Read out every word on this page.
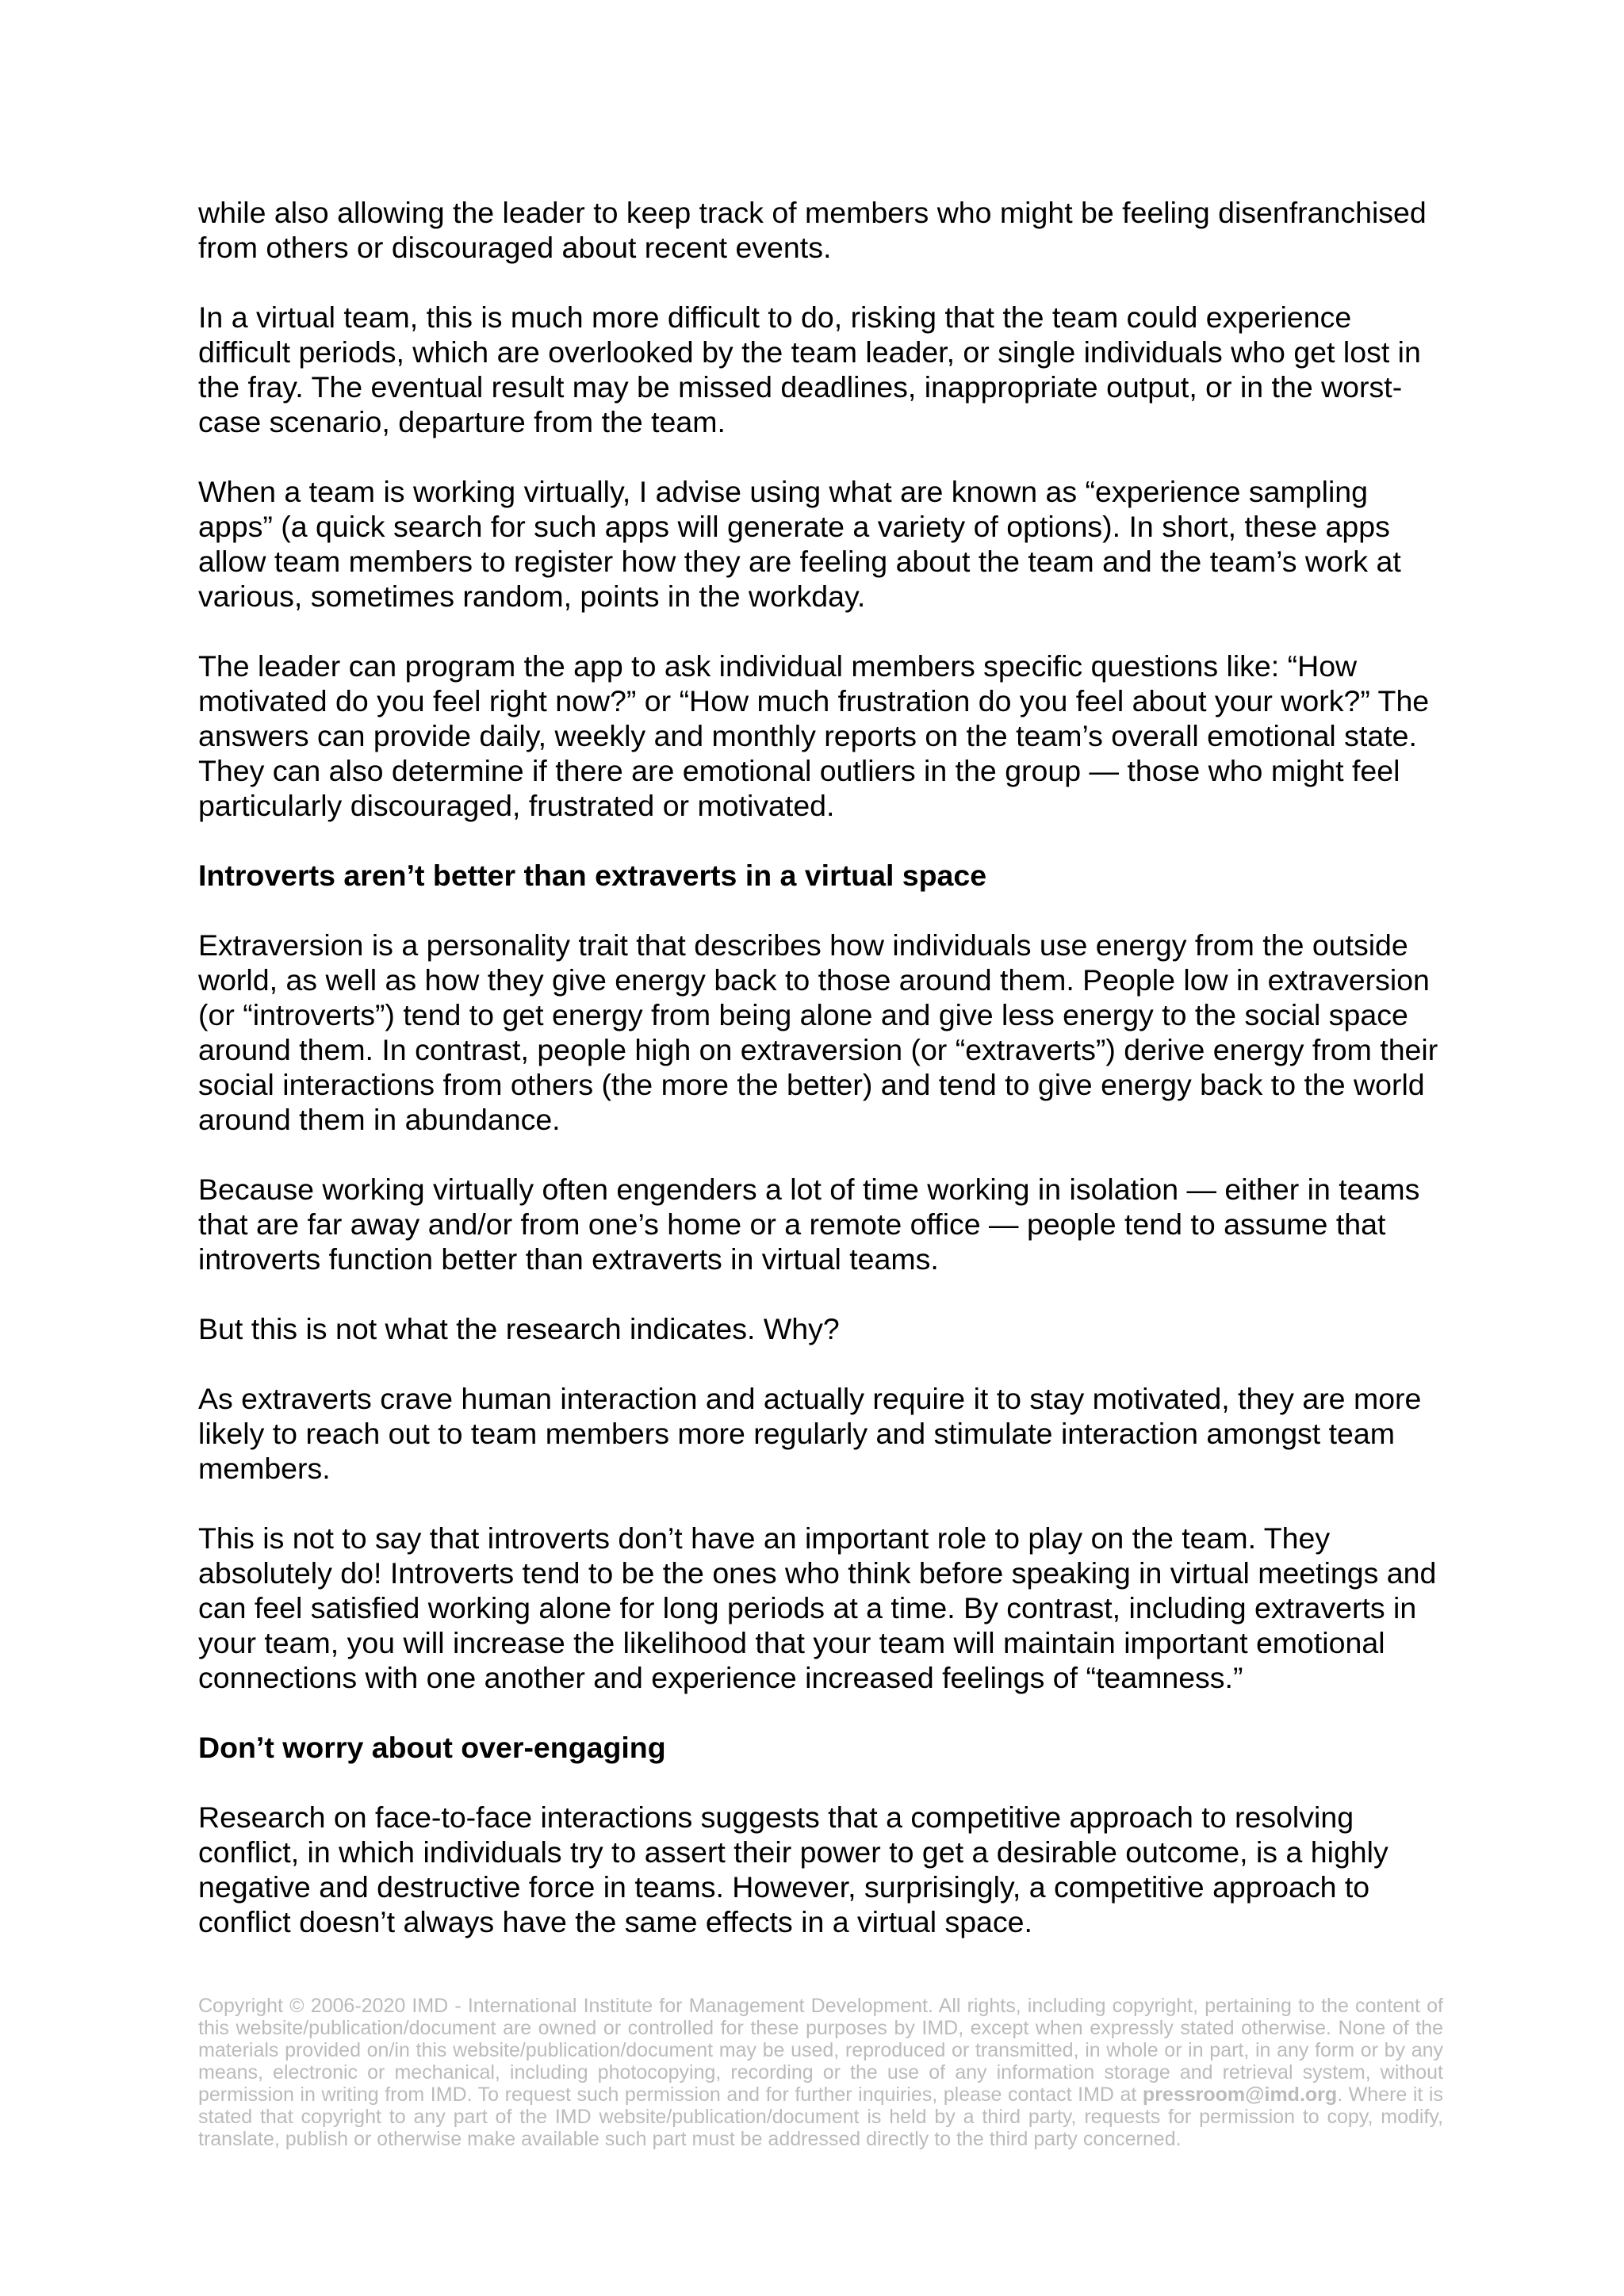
while also allowing the leader to keep track of members who might be feeling disenfranchised from others or discouraged about recent events.

In a virtual team, this is much more difficult to do, risking that the team could experience difficult periods, which are overlooked by the team leader, or single individuals who get lost in the fray. The eventual result may be missed deadlines, inappropriate output, or in the worst-case scenario, departure from the team.

When a team is working virtually, I advise using what are known as “experience sampling apps” (a quick search for such apps will generate a variety of options). In short, these apps allow team members to register how they are feeling about the team and the team’s work at various, sometimes random, points in the workday.

The leader can program the app to ask individual members specific questions like: “How motivated do you feel right now?” or “How much frustration do you feel about your work?” The answers can provide daily, weekly and monthly reports on the team’s overall emotional state. They can also determine if there are emotional outliers in the group — those who might feel particularly discouraged, frustrated or motivated.

Introverts aren’t better than extraverts in a virtual space

Extraversion is a personality trait that describes how individuals use energy from the outside world, as well as how they give energy back to those around them. People low in extraversion (or “introverts”) tend to get energy from being alone and give less energy to the social space around them. In contrast, people high on extraversion (or “extraverts”) derive energy from their social interactions from others (the more the better) and tend to give energy back to the world around them in abundance.

Because working virtually often engenders a lot of time working in isolation — either in teams that are far away and/or from one’s home or a remote office — people tend to assume that introverts function better than extraverts in virtual teams.

But this is not what the research indicates. Why?

As extraverts crave human interaction and actually require it to stay motivated, they are more likely to reach out to team members more regularly and stimulate interaction amongst team members.

This is not to say that introverts don’t have an important role to play on the team. They absolutely do! Introverts tend to be the ones who think before speaking in virtual meetings and can feel satisfied working alone for long periods at a time. By contrast, including extraverts in your team, you will increase the likelihood that your team will maintain important emotional connections with one another and experience increased feelings of “teamness.”

Don’t worry about over-engaging

Research on face-to-face interactions suggests that a competitive approach to resolving conflict, in which individuals try to assert their power to get a desirable outcome, is a highly negative and destructive force in teams. However, surprisingly, a competitive approach to conflict doesn’t always have the same effects in a virtual space.

Copyright © 2006-2020 IMD - International Institute for Management Development. All rights, including copyright, pertaining to the content of this website/publication/document are owned or controlled for these purposes by IMD, except when expressly stated otherwise. None of the materials provided on/in this website/publication/document may be used, reproduced or transmitted, in whole or in part, in any form or by any means, electronic or mechanical, including photocopying, recording or the use of any information storage and retrieval system, without permission in writing from IMD. To request such permission and for further inquiries, please contact IMD at pressroom@imd.org. Where it is stated that copyright to any part of the IMD website/publication/document is held by a third party, requests for permission to copy, modify, translate, publish or otherwise make available such part must be addressed directly to the third party concerned.
